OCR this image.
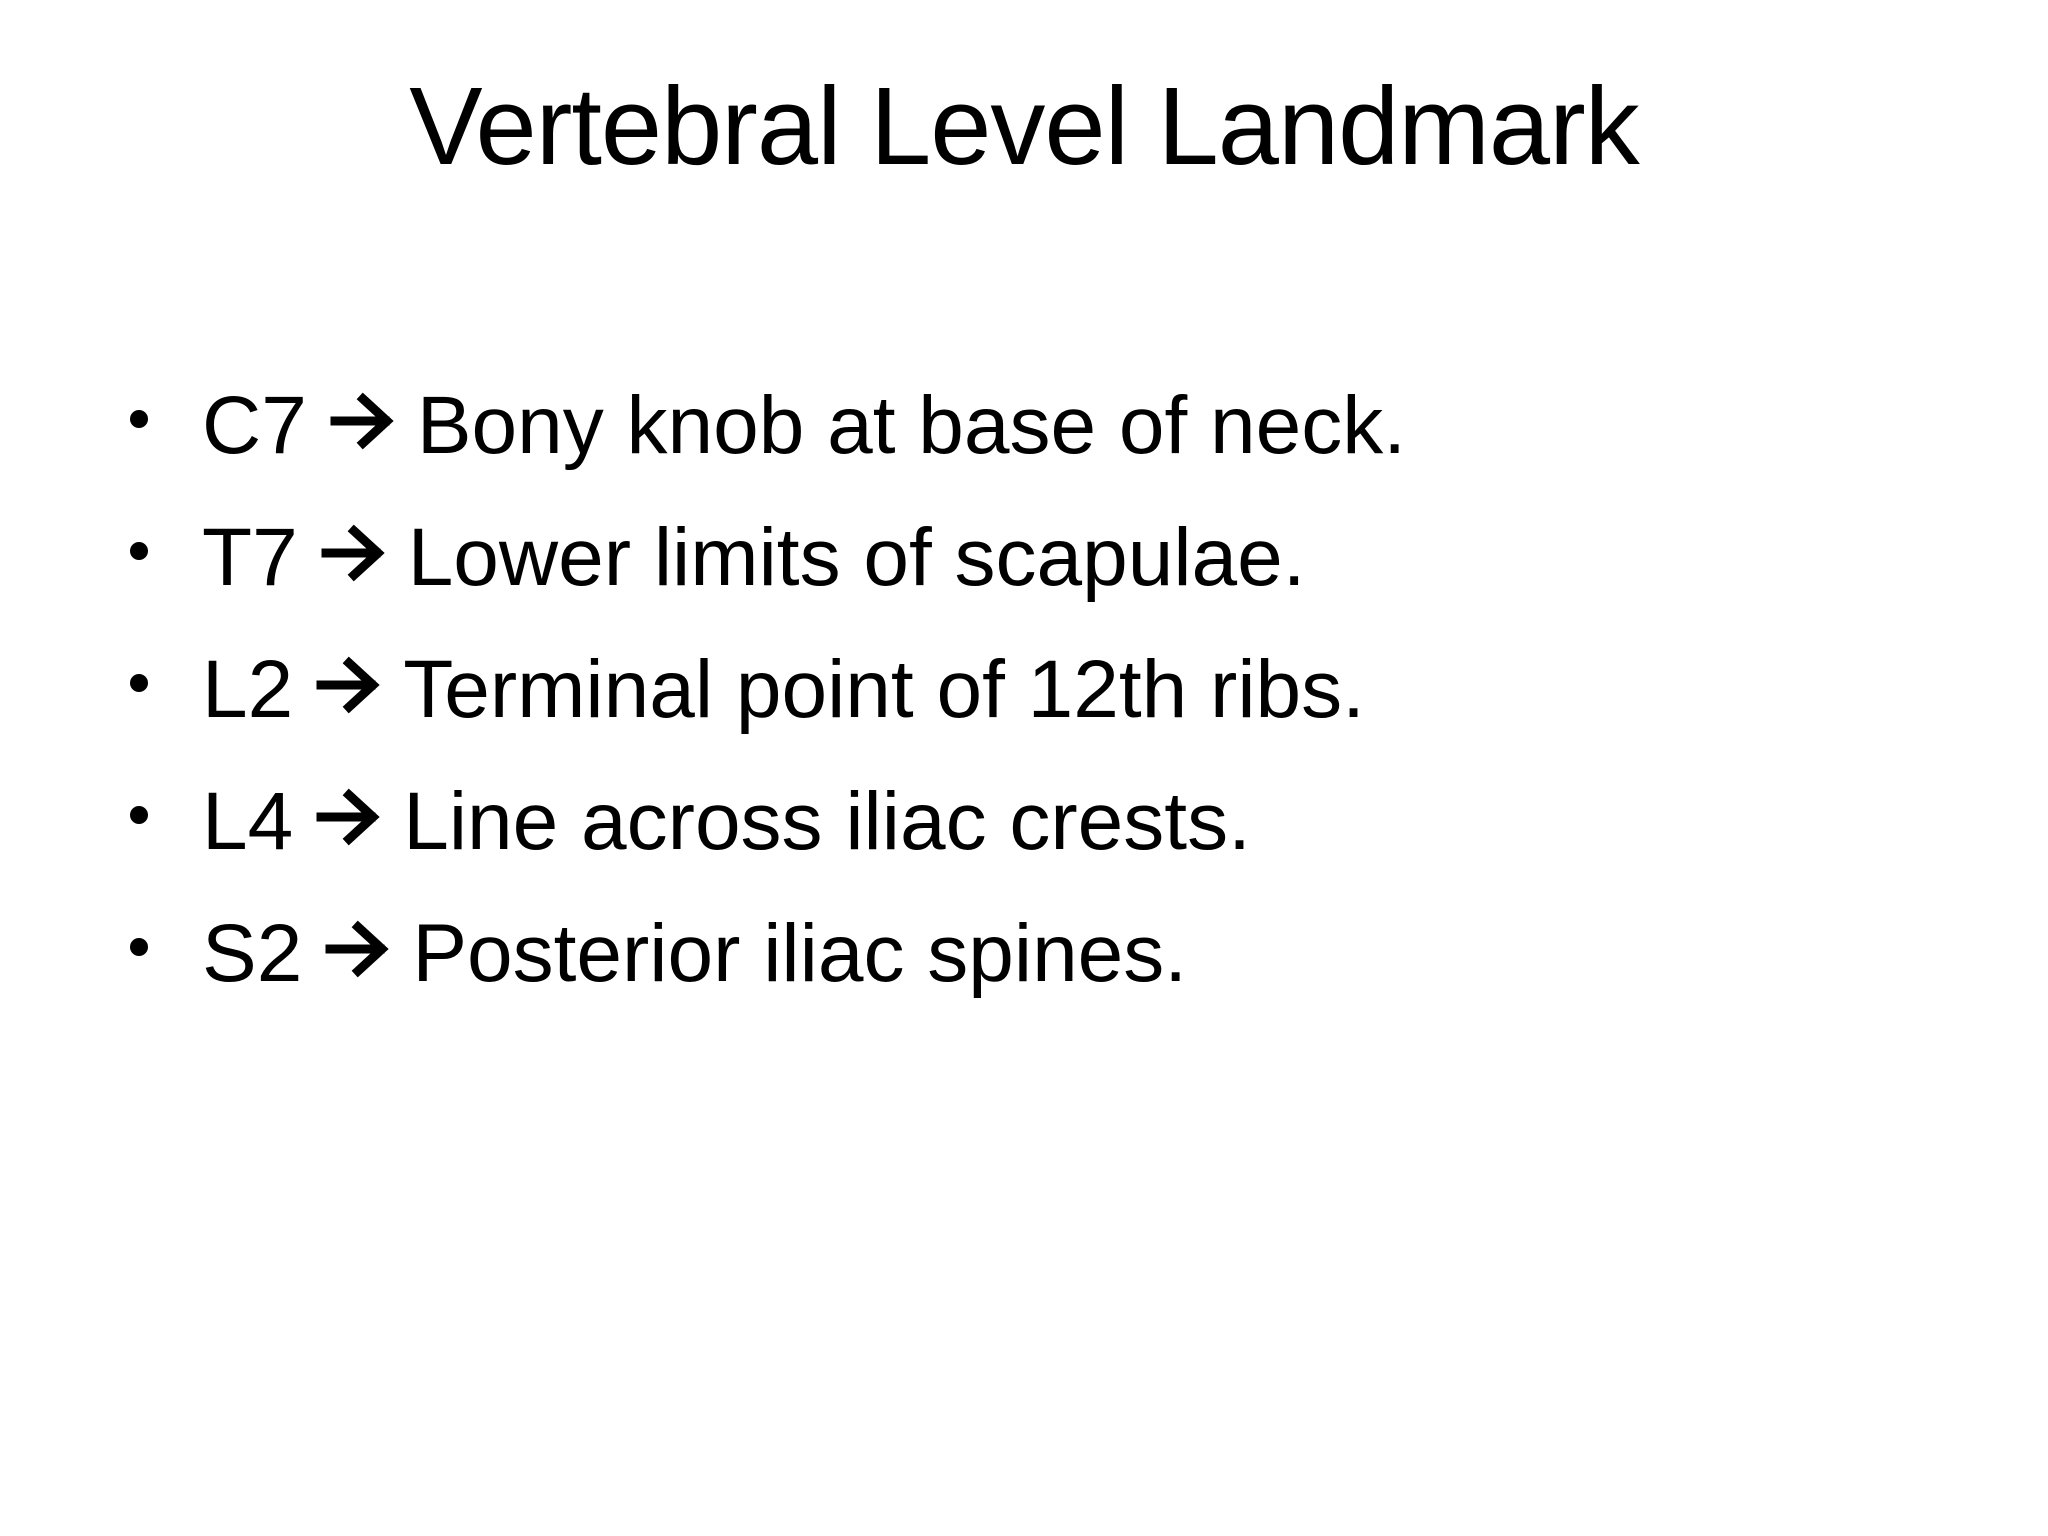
Vertebral Level Landmark
C7 Bony knob at base of neck.
T7 Lower limits of scapulae.
L2 Terminal point of 12th ribs.
L4 Line across iliac crests.
S2 Posterior iliac spines.
